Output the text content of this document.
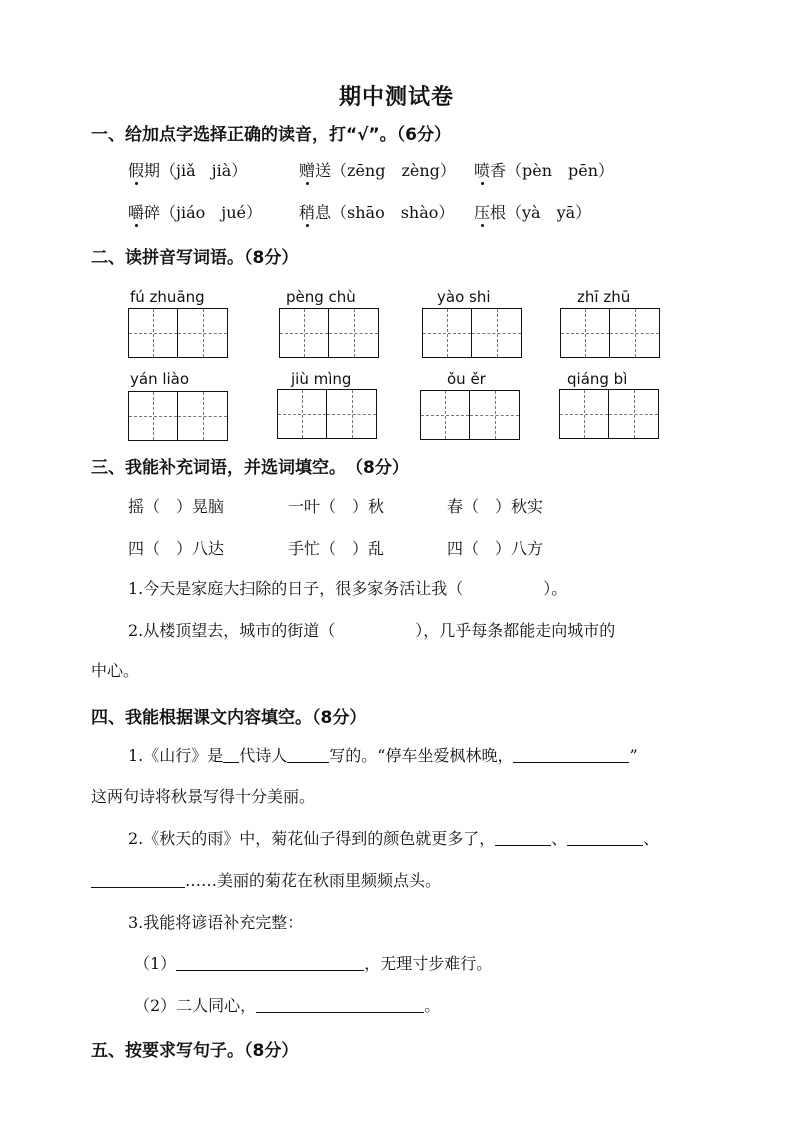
期中测试卷
一、给加点字选择正确的读音，打“√”。（6分）
假期（jiǎ　jià）	赠送（zēng　zèng） 喷香（pèn　pēn）
嚼碎（jiáo　jué） 稍息（shāo　shào） 压根（yà　yā）
二、读拼音写词语。（8分）
fú zhuāng	pèng chù	yào shi	zhī zhū
yán liào	jiù mìng	ǒu ěr	qiáng bì
三、我能补充词语，并选词填空。　（8分）
摇（　）晃脑	一叶（　）秋	春（　）秋实
四（　）八达	手忙（　）乱	四（　）八方
1.今天是家庭大扫除的日子，很多家务活让我（　　　　　）。
2.从楼顶望去，城市的街道（　　　　　），几乎每条都能走向城市的
中心。
四、我能根据课文内容填空。（8分）
1.《山行》是 代诗人	写的。“停车坐爱枫林晚，	”
这两句诗将秋景写得十分美丽。
2.《秋天的雨》中，菊花仙子得到的颜色就更多了，	、	、
……美丽的菊花在秋雨里频频点头。
3.我能将谚语补充完整：
（1）	，无理寸步难行。
（2）二人同心，	。
五、按要求写句子。（8分）
